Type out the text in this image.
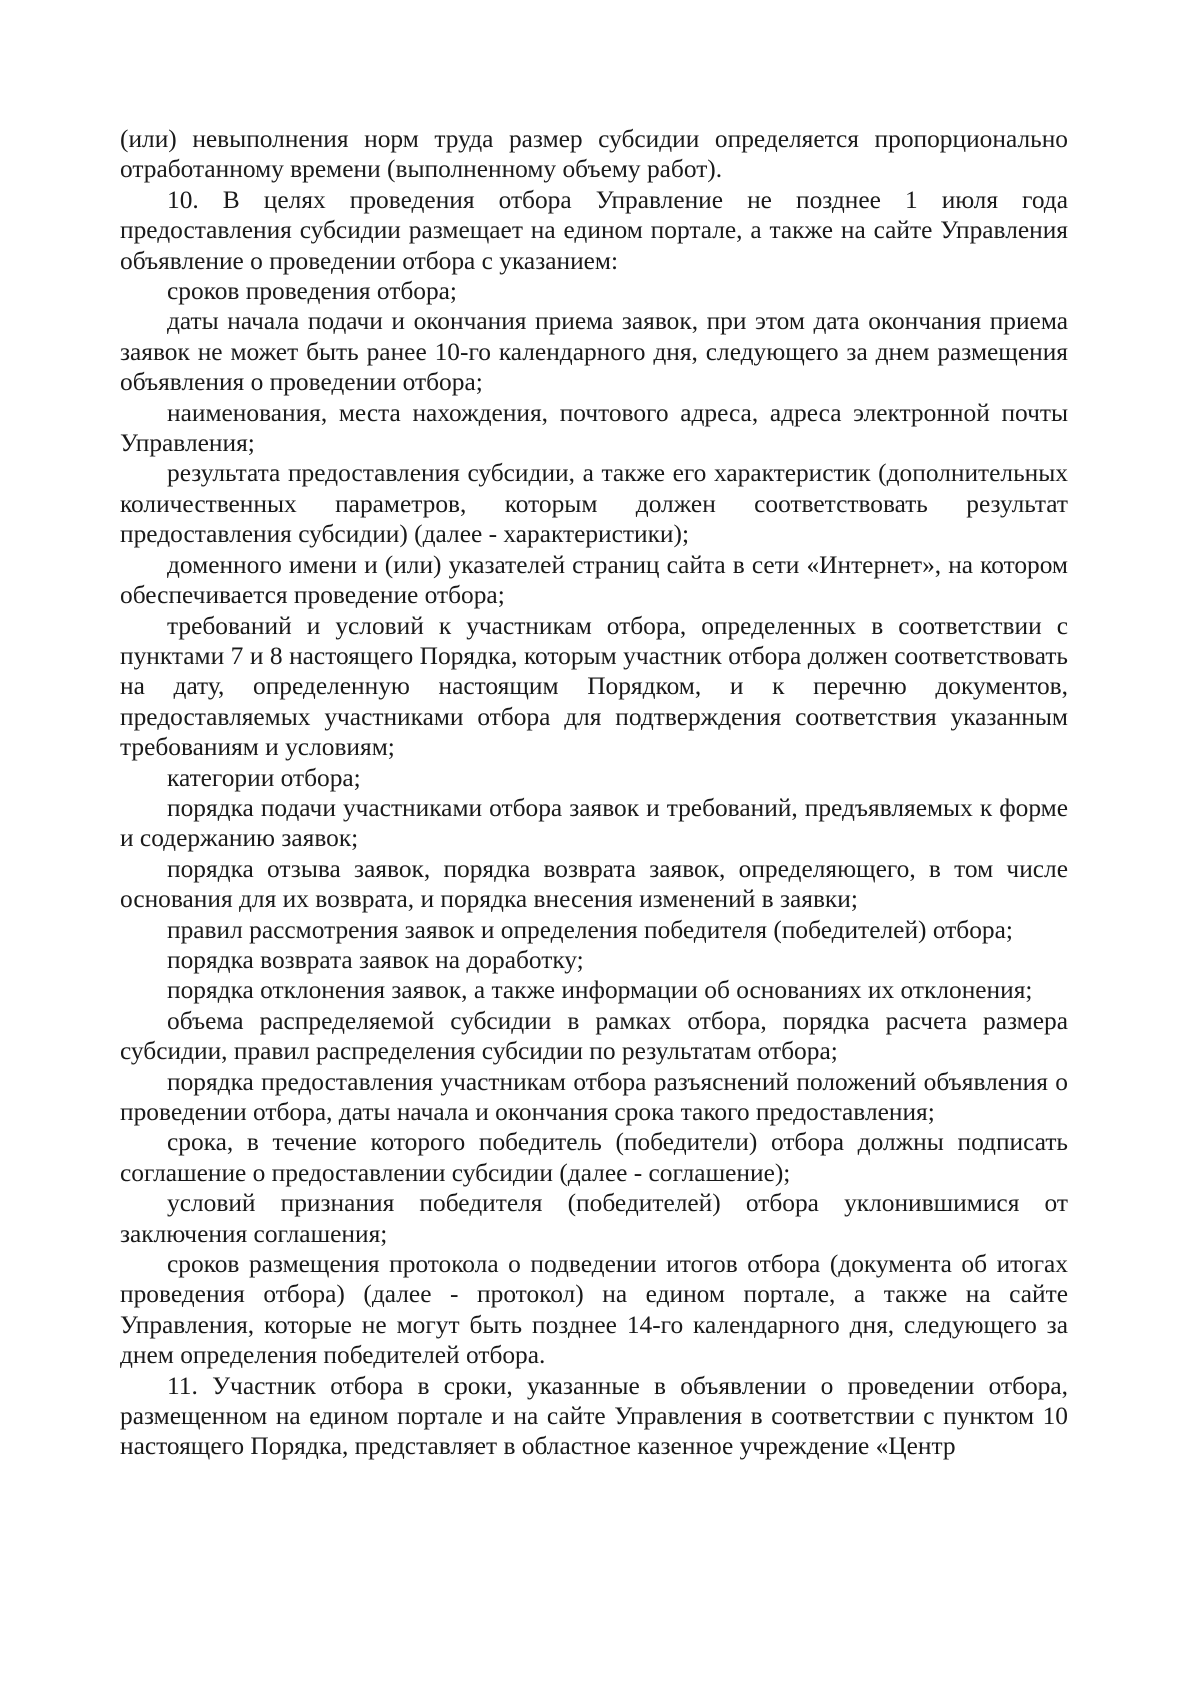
(или) невыполнения норм труда размер субсидии определяется пропорционально отработанному времени (выполненному объему работ).

10. В целях проведения отбора Управление не позднее 1 июля года предоставления субсидии размещает на едином портале, а также на сайте Управления объявление о проведении отбора с указанием:

сроков проведения отбора;

даты начала подачи и окончания приема заявок, при этом дата окончания приема заявок не может быть ранее 10-го календарного дня, следующего за днем размещения объявления о проведении отбора;

наименования, места нахождения, почтового адреса, адреса электронной почты Управления;

результата предоставления субсидии, а также его характеристик (дополнительных количественных параметров, которым должен соответствовать результат предоставления субсидии) (далее - характеристики);

доменного имени и (или) указателей страниц сайта в сети «Интернет», на котором обеспечивается проведение отбора;

требований и условий к участникам отбора, определенных в соответствии с пунктами 7 и 8 настоящего Порядка, которым участник отбора должен соответствовать на дату, определенную настоящим Порядком, и к перечню документов, предоставляемых участниками отбора для подтверждения соответствия указанным требованиям и условиям;

категории отбора;

порядка подачи участниками отбора заявок и требований, предъявляемых к форме и содержанию заявок;

порядка отзыва заявок, порядка возврата заявок, определяющего, в том числе основания для их возврата, и порядка внесения изменений в заявки;

правил рассмотрения заявок и определения победителя (победителей) отбора;

порядка возврата заявок на доработку;

порядка отклонения заявок, а также информации об основаниях их отклонения;

объема распределяемой субсидии в рамках отбора, порядка расчета размера субсидии, правил распределения субсидии по результатам отбора;

порядка предоставления участникам отбора разъяснений положений объявления о проведении отбора, даты начала и окончания срока такого предоставления;

срока, в течение которого победитель (победители) отбора должны подписать соглашение о предоставлении субсидии (далее - соглашение);

условий признания победителя (победителей) отбора уклонившимися от заключения соглашения;

сроков размещения протокола о подведении итогов отбора (документа об итогах проведения отбора) (далее - протокол) на едином портале, а также на сайте Управления, которые не могут быть позднее 14-го календарного дня, следующего за днем определения победителей отбора.

11. Участник отбора в сроки, указанные в объявлении о проведении отбора, размещенном на едином портале и на сайте Управления в соответствии с пунктом 10 настоящего Порядка, представляет в областное казенное учреждение «Центр
